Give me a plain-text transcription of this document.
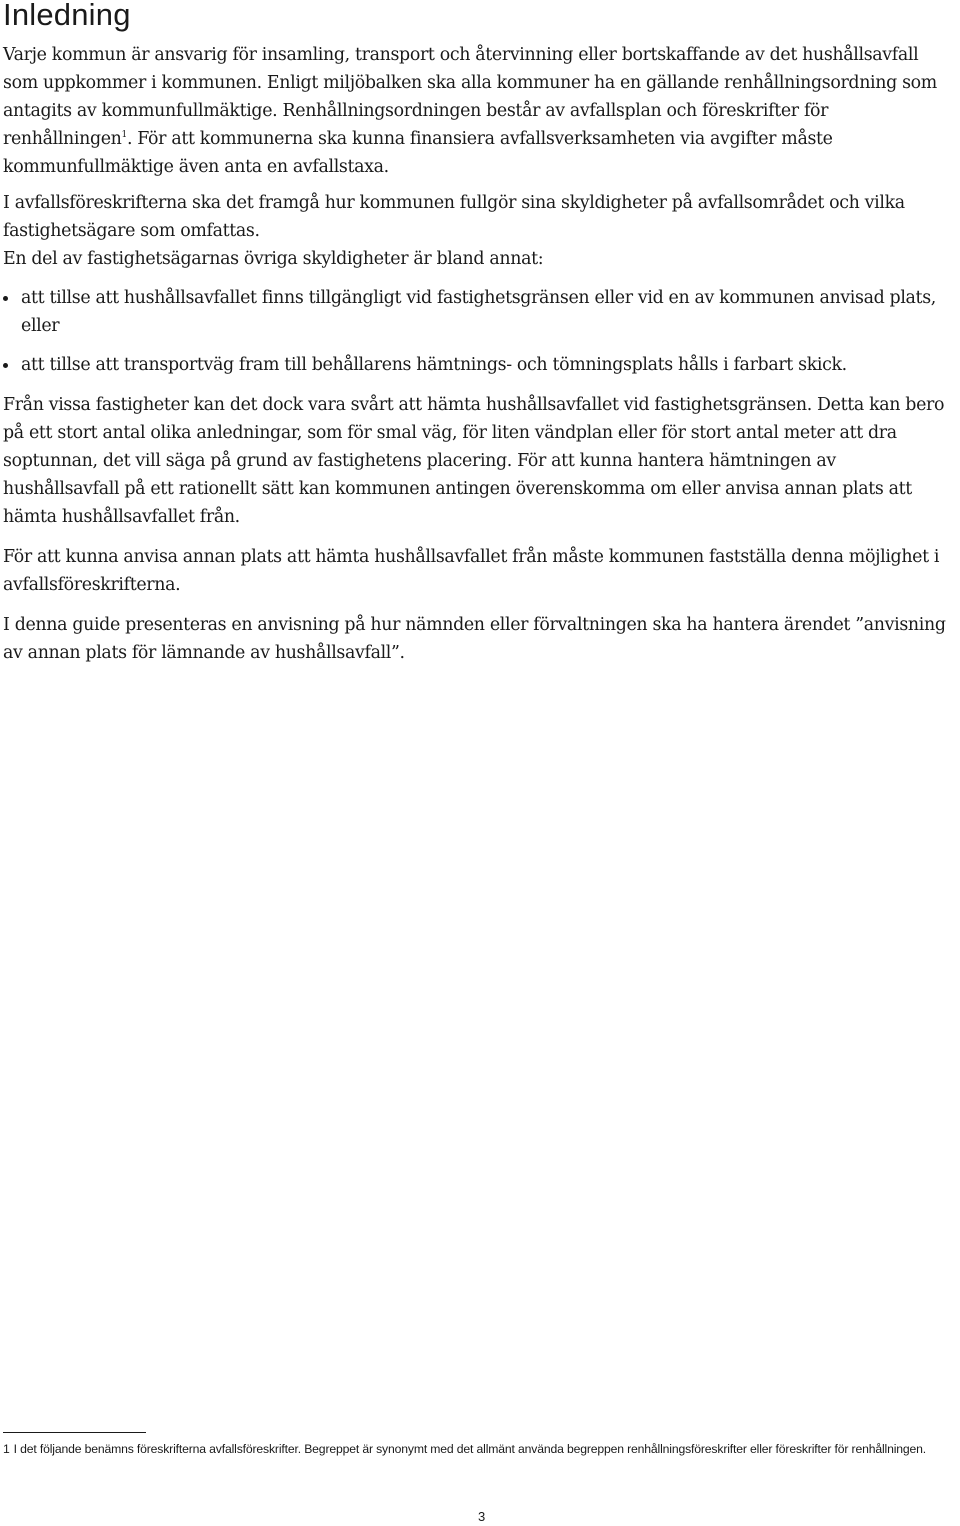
Inledning

Varje kommun är ansvarig för insamling, transport och återvinning eller bortskaffande av det hushållsavfall som uppkommer i kommunen. Enligt miljöbalken ska alla kommuner ha en gällande renhållningsordning som antagits av kommunfullmäktige. Renhållningsordningen består av avfallsplan och föreskrifter för renhållningen$^1$. För att kommunerna ska kunna finansiera avfallsverksamheten via avgifter måste kommunfullmäktige även anta en avfallstaxa.

I avfallsföreskrifterna ska det framgå hur kommunen fullgör sina skyldigheter på avfallsområdet och vilka fastighetsägare som omfattas.

En del av fastighetsägarnas övriga skyldigheter är bland annat:

att tillse att hushållsavfallet finns tillgängligt vid fastighetsgränsen eller vid en av kommunen anvisad plats, eller
att tillse att transportväg fram till behållarens hämtnings- och tömningsplats hålls i farbart skick.

Från vissa fastigheter kan det dock vara svårt att hämta hushållsavfallet vid fastighetsgränsen. Detta kan bero på ett stort antal olika anledningar, som för smal väg, för liten vändplan eller för stort antal meter att dra soptunnan, det vill säga på grund av fastighetens placering. För att kunna hantera hämtningen av hushållsavfall på ett rationellt sätt kan kommunen antingen överenskomma om eller anvisa annan plats att hämta hushållsavfallet från.

För att kunna anvisa annan plats att hämta hushållsavfallet från måste kommunen fastställa denna möjlighet i avfallsföreskrifterna.

I denna guide presenteras en anvisning på hur nämnden eller förvaltningen ska ha hantera ärendet ”anvisning av annan plats för lämnande av hushållsavfall”.

1 I det följande benämns föreskrifterna avfallsföreskrifter. Begreppet är synonymt med det allmänt använda begreppen renhållningsföreskrifter eller föreskrifter för renhållningen.
3
